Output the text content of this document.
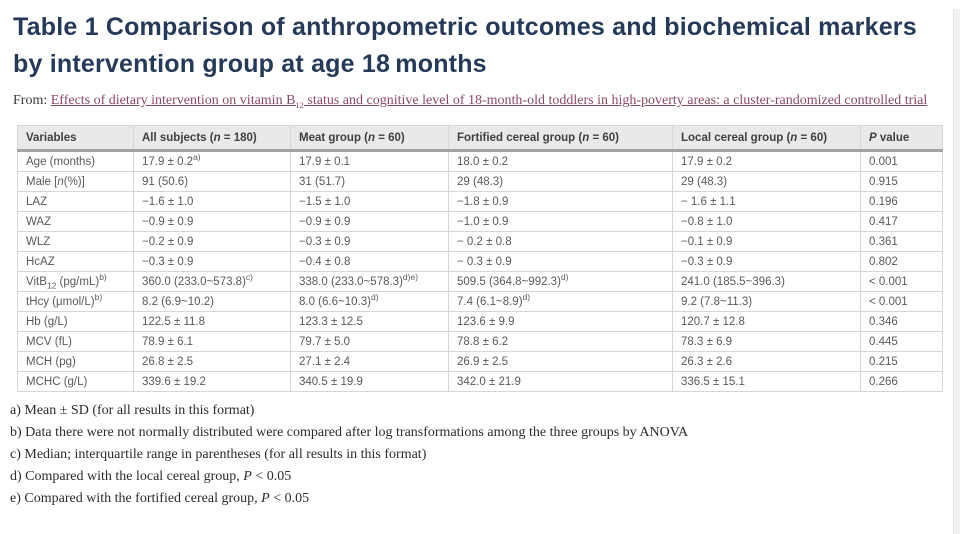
Table 1 Comparison of anthropometric outcomes and biochemical markers by intervention group at age 18 months

From: Effects of dietary intervention on vitamin $B_{12}$ status and cognitive level of 18-month-old toddlers in high-poverty areas: a cluster-randomized controlled trial

Variables	All subjects (n = 180)	Meat group (n = 60)	Fortified cereal group (n = 60)	Local cereal group (n = 60)	P value
Age (months)	$17.9 \pm 0.2^{a)}$	17.9 ± 0.1	18.0 ± 0.2	17.9 ± 0.2	0.001
Male [n(%)]	91 (50.6)	31 (51.7)	29 (48.3)	29 (48.3)	0.915
LAZ	−1.6 ± 1.0	−1.5 ± 1.0	−1.8 ± 0.9	− 1.6 ± 1.1	0.196
WAZ	−0.9 ± 0.9	−0.9 ± 0.9	−1.0 ± 0.9	−0.8 ± 1.0	0.417
WLZ	−0.2 ± 0.9	−0.3 ± 0.9	− 0.2 ± 0.8	−0.1 ± 0.9	0.361
HcAZ	−0.3 ± 0.9	−0.4 ± 0.8	− 0.3 ± 0.9	−0.3 ± 0.9	0.802
VitB$_{12}$ $(pg/mL)^{b)}$	360.0 (233.0~573.8)$^{c)}$	338.0 (233.0~578.3)$^{d)e)}$	509.5 (364.8~992.3)$^{d)}$	241.0 (185.5~396.3)	< 0.001
tHcy $(\mu mol/L)^{b)}$	8.2 (6.9~10.2)	8.0 (6.6~10.3)$^{d)}$	7.4 (6.1~8.9)$^{d)}$	9.2 (7.8~11.3)	< 0.001
Hb (g/L)	122.5 ± 11.8	123.3 ± 12.5	123.6 ± 9.9	120.7 ± 12.8	0.346
MCV (fL)	78.9 ± 6.1	79.7 ± 5.0	78.8 ± 6.2	78.3 ± 6.9	0.445
MCH (pg)	26.8 ± 2.5	27.1 ± 2.4	26.9 ± 2.5	26.3 ± 2.6	0.215
MCHC (g/L)	339.6 ± 19.2	340.5 ± 19.9	342.0 ± 21.9	336.5 ± 15.1	0.266
a) Mean ± SD (for all results in this format)
b) Data there were not normally distributed were compared after log transformations among the three groups by ANOVA
c) Median; interquartile range in parentheses (for all results in this format)
d) Compared with the local cereal group, P < 0.05
e) Compared with the fortified cereal group, P < 0.05
